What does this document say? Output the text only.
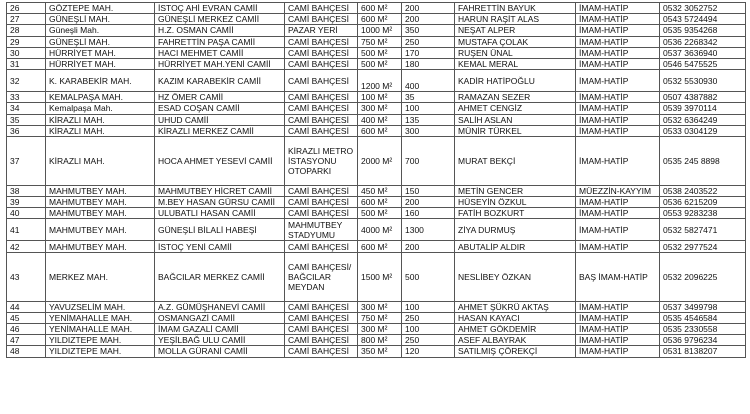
26	GÖZTEPE MAH.	İSTOÇ AHİ EVRAN CAMİİ	CAMİ BAHÇESİ	600 M²	200	FAHRETTİN BAYUK	İMAM-HATİP	0532 3052752
27	GÜNEŞLİ MAH.	GÜNEŞLİ MERKEZ CAMİİ	CAMİ BAHÇESİ	600 M²	200	HARUN RAŞİT ALAS	İMAM-HATİP	0543 5724494
28	Güneşli Mah.	H.Z. OSMAN CAMİİ	PAZAR YERİ	1000 M²	350	NEŞAT ALPER	İMAM-HATİP	0535 9354268
29	GÜNEŞLİ MAH.	FAHRETTİN PAŞA CAMİİ	CAMİ BAHÇESİ	750 M²	250	MUSTAFA ÇOLAK	İMAM-HATİP	0536 2268342
30	HÜRRİYET MAH.	HACI MEHMET CAMİİ	CAMİ BAHÇESİ	500 M²	170	RUŞEN ÜNAL	İMAM-HATİP	0537 3636940
31	HÜRRİYET MAH.	HÜRRİYET MAH.YENİ CAMİİ	CAMİ BAHÇESİ	500 M²	180	KEMAL MERAL	İMAM-HATİP	0546 5475525
32	K. KARABEKİR MAH.	KAZIM KARABEKİR CAMİİ	CAMİ BAHÇESİ	1200 M²	400	KADİR HATİPOĞLU	İMAM-HATİP	0532 5530930
33	KEMALPAŞA MAH.	HZ ÖMER CAMİİ	CAMİ BAHÇESİ	100 M²	35	RAMAZAN SEZER	İMAM-HATİP	0507 4387882
34	Kemalpaşa Mah.	ESAD COŞAN CAMİİ	CAMİ BAHÇESİ	300 M²	100	AHMET CENGİZ	İMAM-HATİP	0539 3970114
35	KİRAZLI MAH.	UHUD CAMİİ	CAMİ BAHÇESİ	400 M²	135	SALİH ASLAN	İMAM-HATİP	0532 6364249
36	KİRAZLI MAH.	KİRAZLI MERKEZ CAMİİ	CAMİ BAHÇESİ	600 M²	300	MÜNİR TÜRKEL	İMAM-HATİP	0533 0304129
37	KİRAZLI MAH.	HOCA AHMET YESEVİ CAMİİ	KİRAZLI METRO İSTASYONU OTOPARKI	2000 M²	700	MURAT BEKÇİ	İMAM-HATİP	0535 245 8898
38	MAHMUTBEY MAH.	MAHMUTBEY HİCRET CAMİİ	CAMİ BAHÇESİ	450 M²	150	METİN GENCER	MÜEZZİN-KAYYIM	0538 2403522
39	MAHMUTBEY MAH.	M.BEY HASAN GÜRSU CAMİİ	CAMİ BAHÇESİ	600 M²	200	HÜSEYİN ÖZKUL	İMAM-HATİP	0536 6215209
40	MAHMUTBEY MAH.	ULUBATLI HASAN CAMİİ	CAMİ BAHÇESİ	500 M²	160	FATİH BOZKURT	İMAM-HATİP	0553 9283238
41	MAHMUTBEY MAH.	GÜNEŞLİ BİLALİ HABEŞİ	MAHMUTBEY STADYUMU	4000 M²	1300	ZİYA DURMUŞ	İMAM-HATİP	0532 5827471
42	MAHMUTBEY MAH.	İSTOÇ YENİ CAMİİ	CAMİ BAHÇESİ	600 M²	200	ABUTALİP ALDIR	İMAM-HATİP	0532 2977524
43	MERKEZ MAH.	BAĞCILAR MERKEZ CAMİİ	CAMİ BAHÇESİ/ BAĞCILAR MEYDAN	1500 M²	500	NESLİBEY ÖZKAN	BAŞ İMAM-HATİP	0532 2096225
44	YAVUZSELİM MAH.	A.Z. GÜMÜŞHANEVİ CAMİİ	CAMİ BAHÇESİ	300 M²	100	AHMET ŞÜKRÜ AKTAŞ	İMAM-HATİP	0537 3499798
45	YENİMAHALLE MAH.	OSMANGAZİ CAMİİ	CAMİ BAHÇESİ	750 M²	250	HASAN KAYACI	İMAM-HATİP	0535 4546584
46	YENİMAHALLE MAH.	İMAM GAZALİ CAMİİ	CAMİ BAHÇESİ	300 M²	100	AHMET GÖKDEMİR	İMAM-HATİP	0535 2330558
47	YILDIZTEPE MAH.	YEŞİLBAĞ ULU CAMİİ	CAMİ BAHÇESİ	800 M²	250	ASEF ALBAYRAK	İMAM-HATİP	0536 9796234
48	YILDIZTEPE MAH.	MOLLA GÜRANİ CAMİİ	CAMİ BAHÇESİ	350 M²	120	SATILMIŞ ÇÖREKÇİ	İMAM-HATİP	0531 8138207
